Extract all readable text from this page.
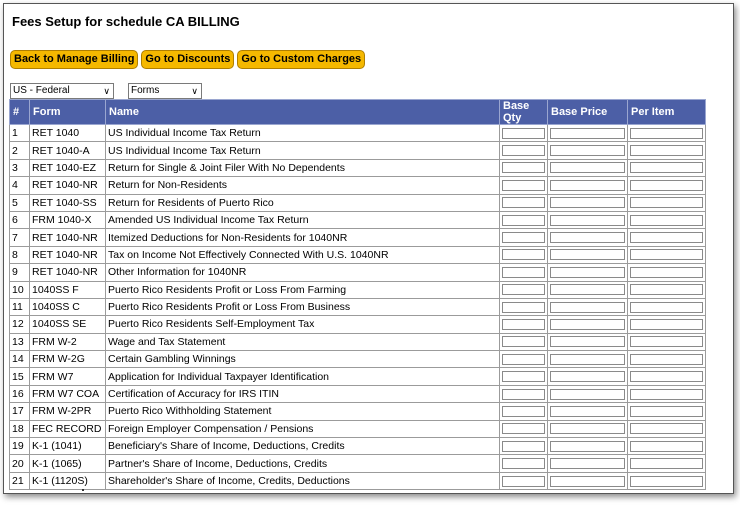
Fees Setup for schedule CA BILLING
Back to Manage Billing	Go to Discounts	Go to Custom Charges
US - Federal	∨	Forms	∨
#	Form	Name	Base Qty	Base Price	Per Item
1	RET 1040	US Individual Income Tax Return	

2	RET 1040-A	US Individual Income Tax Return	

3	RET 1040-EZ	Return for Single & Joint Filer With No Dependents	

4	RET 1040-NR	Return for Non-Residents	

5	RET 1040-SS	Return for Residents of Puerto Rico	

6	FRM 1040-X	Amended US Individual Income Tax Return	

7	RET 1040-NR	Itemized Deductions for Non-Residents for 1040NR	

8	RET 1040-NR	Tax on Income Not Effectively Connected With U.S. 1040NR	

9	RET 1040-NR	Other Information for 1040NR	

10	1040SS F	Puerto Rico Residents Profit or Loss From Farming	

11	1040SS C	Puerto Rico Residents Profit or Loss From Business	

12	1040SS SE	Puerto Rico Residents Self-Employment Tax	

13	FRM W-2	Wage and Tax Statement	

14	FRM W-2G	Certain Gambling Winnings	

15	FRM W7	Application for Individual Taxpayer Identification	

16	FRM W7 COA	Certification of Accuracy for IRS ITIN	

17	FRM W-2PR	Puerto Rico Withholding Statement	

18	FEC RECORD	Foreign Employer Compensation / Pensions	

19	K-1 (1041)	Beneficiary's Share of Income, Deductions, Credits	

20	K-1 (1065)	Partner's Share of Income, Deductions, Credits	

21	K-1 (1120S)	Shareholder's Share of Income, Credits, Deductions	
